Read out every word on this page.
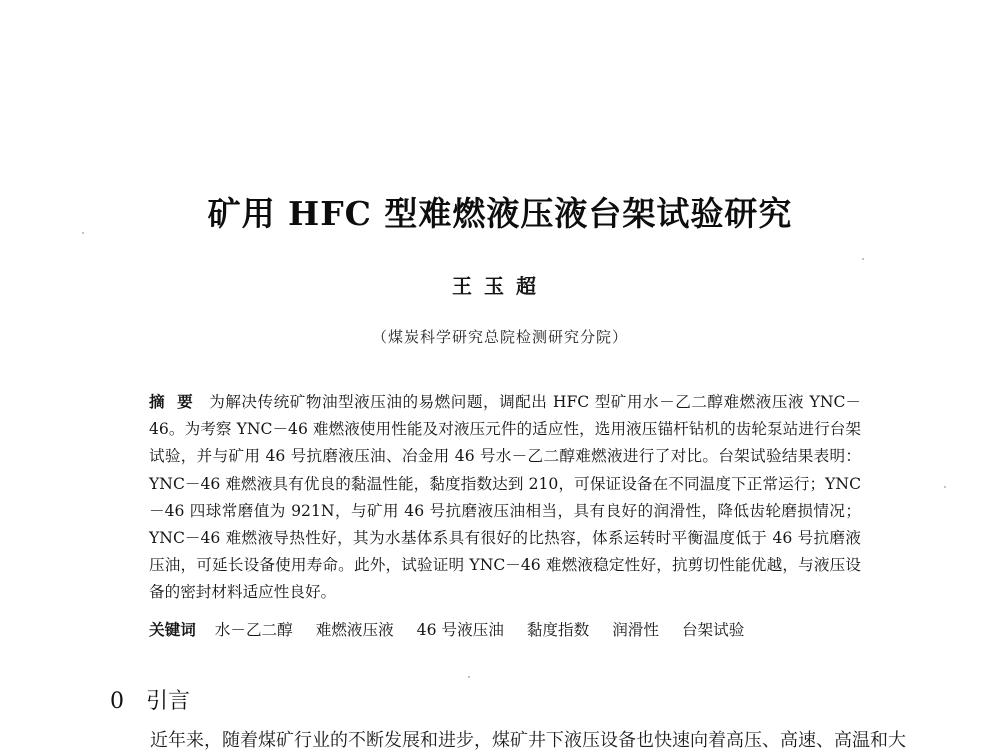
矿用 HFC 型难燃液压液台架试验研究
王玉超
（煤炭科学研究总院检测研究分院）
摘要 为解决传统矿物油型液压油的易燃问题，调配出 HFC 型矿用水－乙二醇难燃液压液 YNC－46。为考察 YNC－46 难燃液使用性能及对液压元件的适应性，选用液压锚杆钻机的齿轮泵站进行台架试验，并与矿用 46 号抗磨液压油、冶金用 46 号水－乙二醇难燃液进行了对比。台架试验结果表明：YNC－46 难燃液具有优良的黏温性能，黏度指数达到 210，可保证设备在不同温度下正常运行；YNC－46 四球常磨值为 921N，与矿用 46 号抗磨液压油相当，具有良好的润滑性，降低齿轮磨损情况；YNC－46 难燃液导热性好，其为水基体系具有很好的比热容，体系运转时平衡温度低于 46 号抗磨液压油，可延长设备使用寿命。此外，试验证明 YNC－46 难燃液稳定性好，抗剪切性能优越，与液压设备的密封材料适应性良好。
关键词 水－乙二醇 难燃液压液 46 号液压油 黏度指数 润滑性 台架试验
0 引言
近年来，随着煤矿行业的不断发展和进步，煤矿井下液压设备也快速向着高压、高速、高温和大
